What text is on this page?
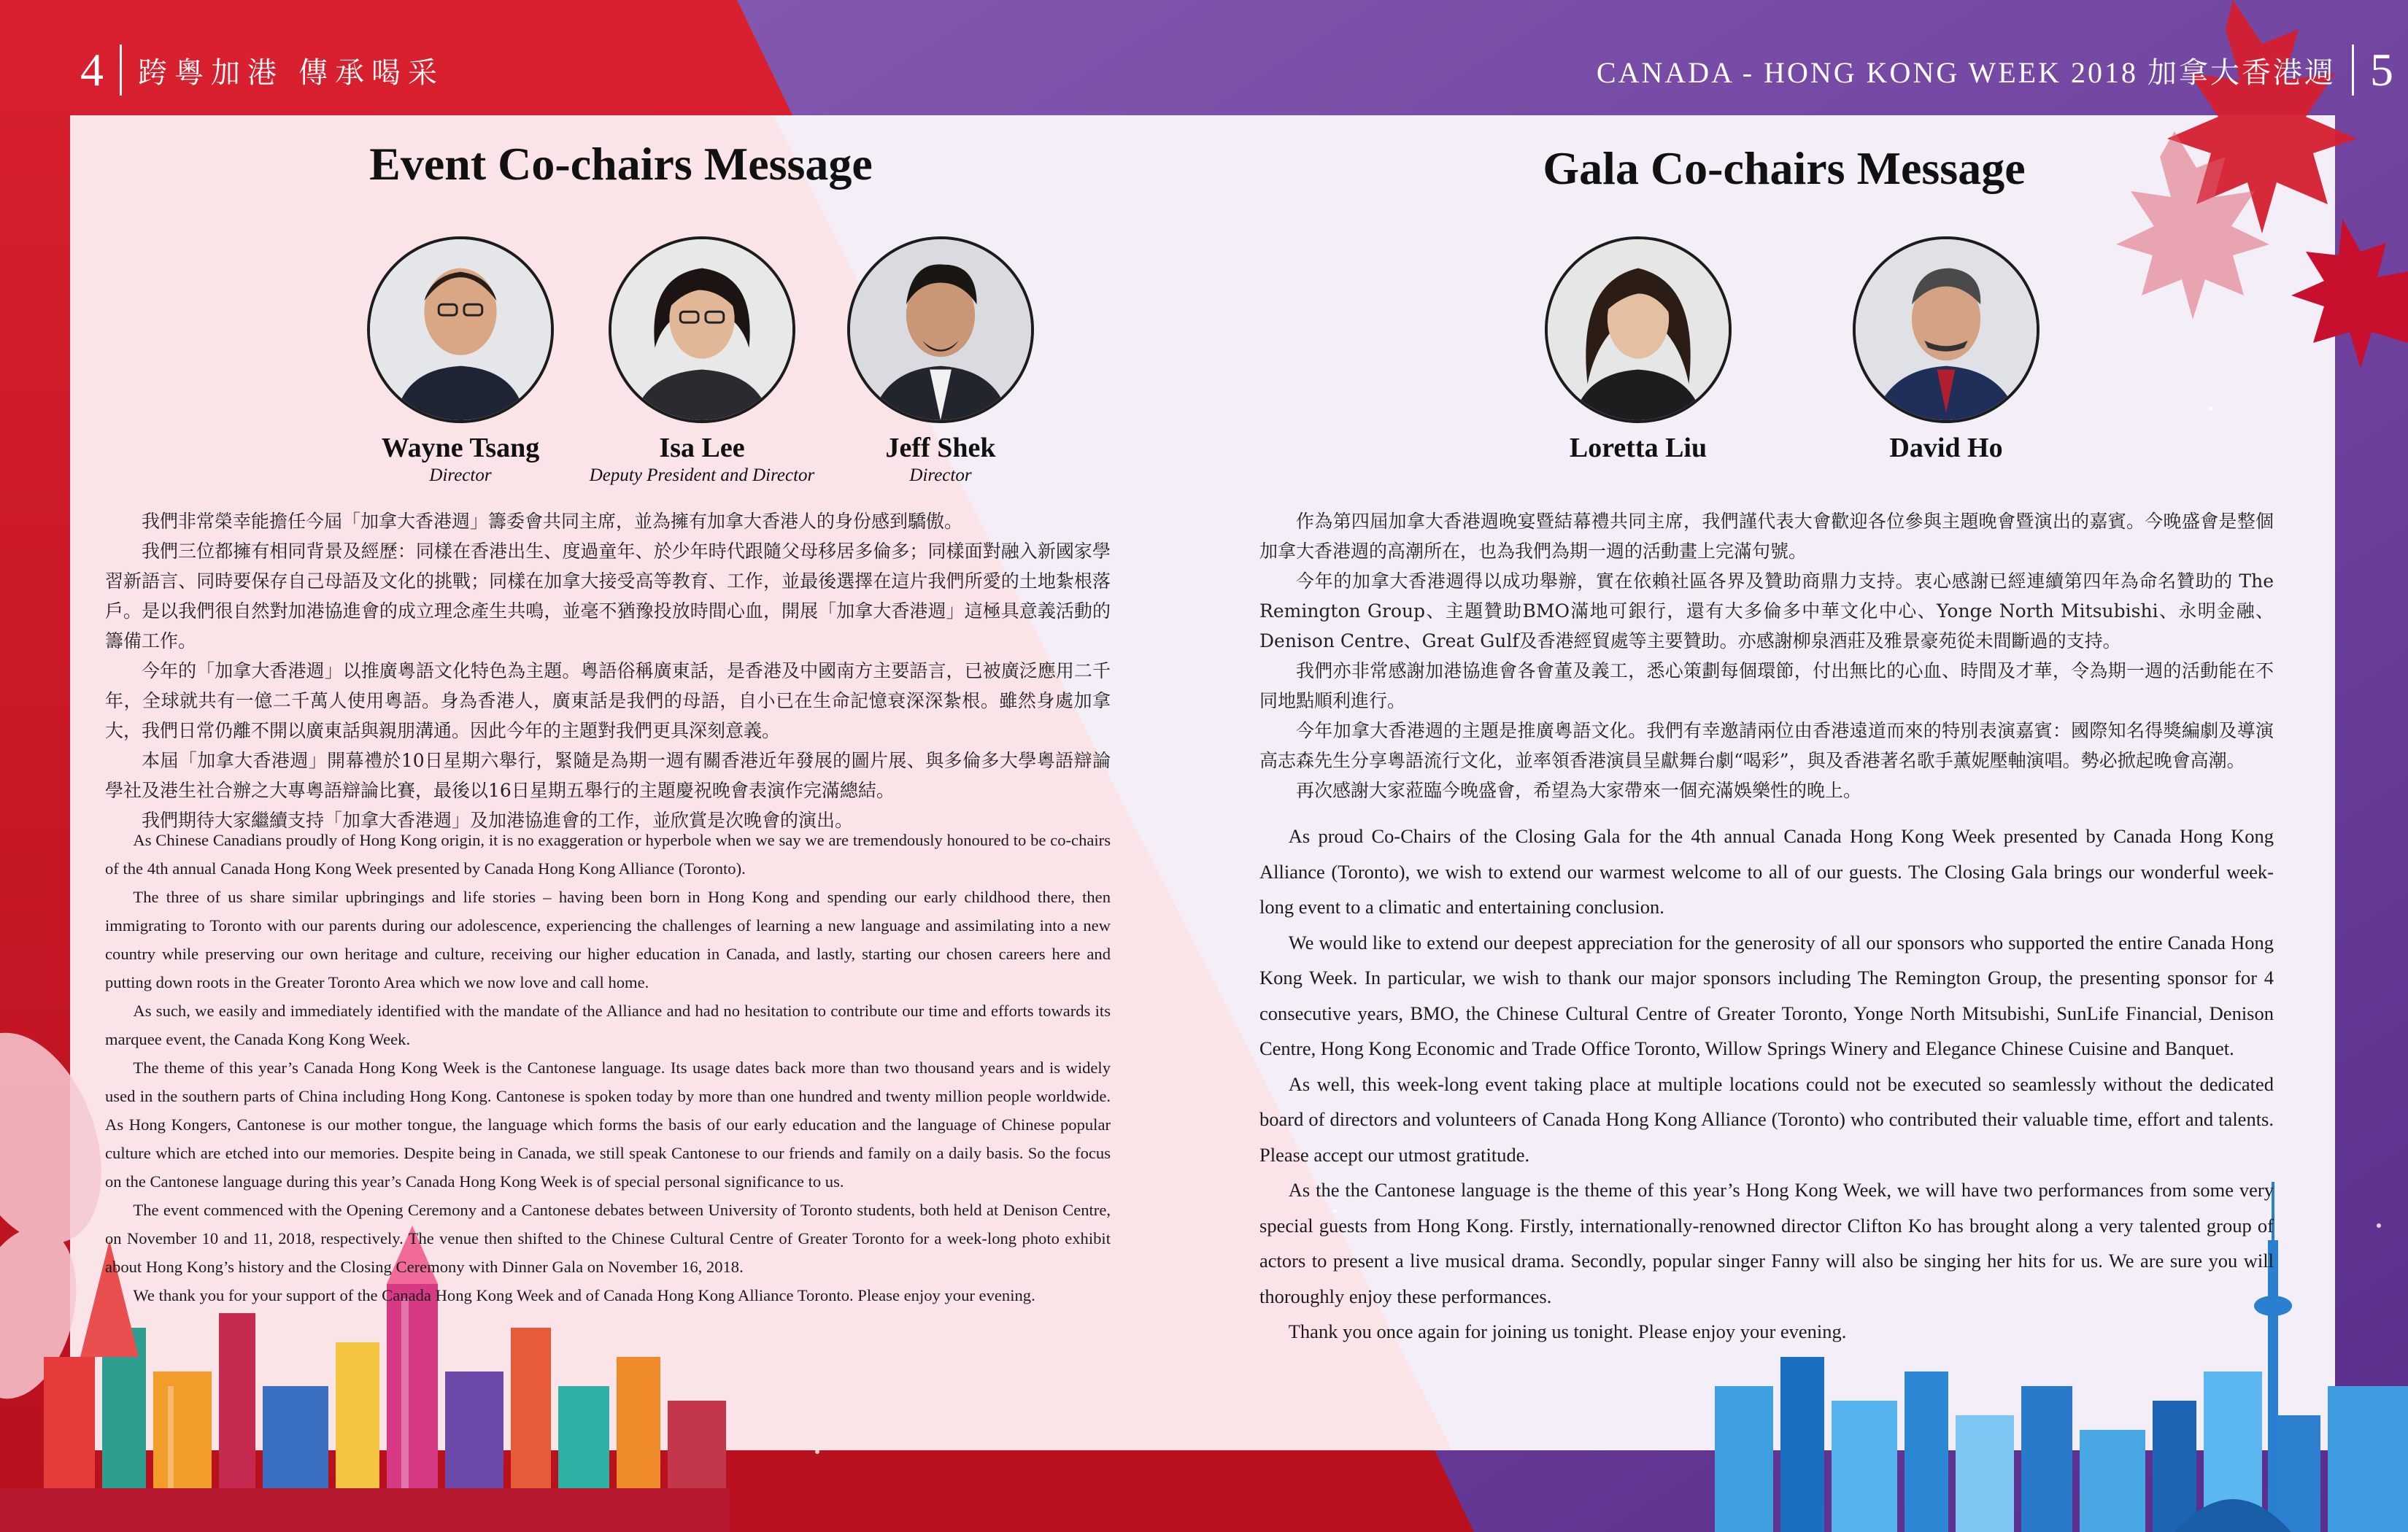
4 跨粵加港 傳承喝采	CANADA - HONG KONG WEEK 2018 加拿大香港週 5
Event Co-chairs Message
Wayne Tsang
Director
Isa Lee
Deputy President and Director
Jeff Shek
Director

我們非常榮幸能擔任今屆「加拿大香港週」籌委會共同主席，並為擁有加拿大香港人的身份感到驕傲。

我們三位都擁有相同背景及經歷：同樣在香港出生、度過童年、於少年時代跟隨父母移居多倫多；同樣面對融入新國家學習新語言、同時要保存自己母語及文化的挑戰；同樣在加拿大接受高等教育、工作，並最後選擇在這片我們所愛的土地紮根落戶。是以我們很自然對加港協進會的成立理念產生共鳴，並毫不猶豫投放時間心血，開展「加拿大香港週」這極具意義活動的籌備工作。

今年的「加拿大香港週」以推廣粵語文化特色為主題。粵語俗稱廣東話，是香港及中國南方主要語言，已被廣泛應用二千年，全球就共有一億二千萬人使用粵語。身為香港人，廣東話是我們的母語，自小已在生命記憶衰深深紮根。雖然身處加拿大，我們日常仍離不開以廣東話與親朋溝通。因此今年的主題對我們更具深刻意義。

本屆「加拿大香港週」開幕禮於10日星期六舉行，緊隨是為期一週有關香港近年發展的圖片展、與多倫多大學粵語辯論學社及港生社合辦之大專粵語辯論比賽，最後以16日星期五舉行的主題慶祝晚會表演作完滿總結。

我們期待大家繼續支持「加拿大香港週」及加港協進會的工作，並欣賞是次晚會的演出。

As Chinese Canadians proudly of Hong Kong origin, it is no exaggeration or hyperbole when we say we are tremendously honoured to be co-chairs of the 4th annual Canada Hong Kong Week presented by Canada Hong Kong Alliance (Toronto).

The three of us share similar upbringings and life stories – having been born in Hong Kong and spending our early childhood there, then immigrating to Toronto with our parents during our adolescence, experiencing the challenges of learning a new language and assimilating into a new country while preserving our own heritage and culture, receiving our higher education in Canada, and lastly, starting our chosen careers here and putting down roots in the Greater Toronto Area which we now love and call home.

As such, we easily and immediately identified with the mandate of the Alliance and had no hesitation to contribute our time and efforts towards its marquee event, the Canada Kong Kong Week.

The theme of this year’s Canada Hong Kong Week is the Cantonese language. Its usage dates back more than two thousand years and is widely used in the southern parts of China including Hong Kong. Cantonese is spoken today by more than one hundred and twenty million people worldwide. As Hong Kongers, Cantonese is our mother tongue, the language which forms the basis of our early education and the language of Chinese popular culture which are etched into our memories. Despite being in Canada, we still speak Cantonese to our friends and family on a daily basis. So the focus on the Cantonese language during this year’s Canada Hong Kong Week is of special personal significance to us.

The event commenced with the Opening Ceremony and a Cantonese debates between University of Toronto students, both held at Denison Centre, on November 10 and 11, 2018, respectively. The venue then shifted to the Chinese Cultural Centre of Greater Toronto for a week-long photo exhibit about Hong Kong’s history and the Closing Ceremony with Dinner Gala on November 16, 2018.

We thank you for your support of the Canada Hong Kong Week and of Canada Hong Kong Alliance Toronto. Please enjoy your evening.

Gala Co-chairs Message
Loretta Liu	David Ho

作為第四屆加拿大香港週晚宴暨結幕禮共同主席，我們謹代表大會歡迎各位參與主題晚會暨演出的嘉賓。今晚盛會是整個加拿大香港週的高潮所在，也為我們為期一週的活動畫上完滿句號。

今年的加拿大香港週得以成功舉辦，實在依賴社區各界及贊助商鼎力支持。衷心感謝已經連續第四年為命名贊助的 The Remington Group、主題贊助BMO滿地可銀行，還有大多倫多中華文化中心、Yonge North Mitsubishi、永明金融、Denison Centre、Great Gulf及香港經貿處等主要贊助。亦感謝柳泉酒莊及雅景豪苑從未間斷過的支持。

我們亦非常感謝加港協進會各會董及義工，悉心策劃每個環節，付出無比的心血、時間及才華，令為期一週的活動能在不同地點順利進行。

今年加拿大香港週的主題是推廣粵語文化。我們有幸邀請兩位由香港遠道而來的特別表演嘉賓：國際知名得獎編劇及導演高志森先生分享粵語流行文化，並率領香港演員呈獻舞台劇“喝彩”，與及香港著名歌手薰妮壓軸演唱。勢必掀起晚會高潮。

再次感謝大家蒞臨今晚盛會，希望為大家帶來一個充滿娛樂性的晚上。

As proud Co-Chairs of the Closing Gala for the 4th annual Canada Hong Kong Week presented by Canada Hong Kong Alliance (Toronto), we wish to extend our warmest welcome to all of our guests. The Closing Gala brings our wonderful week-long event to a climatic and entertaining conclusion.

We would like to extend our deepest appreciation for the generosity of all our sponsors who supported the entire Canada Hong Kong Week. In particular, we wish to thank our major sponsors including The Remington Group, the presenting sponsor for 4 consecutive years, BMO, the Chinese Cultural Centre of Greater Toronto, Yonge North Mitsubishi, SunLife Financial, Denison Centre, Hong Kong Economic and Trade Office Toronto, Willow Springs Winery and Elegance Chinese Cuisine and Banquet.

As well, this week-long event taking place at multiple locations could not be executed so seamlessly without the dedicated board of directors and volunteers of Canada Hong Kong Alliance (Toronto) who contributed their valuable time, effort and talents. Please accept our utmost gratitude.

As the the Cantonese language is the theme of this year’s Hong Kong Week, we will have two performances from some very special guests from Hong Kong. Firstly, internationally-renowned director Clifton Ko has brought along a very talented group of actors to present a live musical drama. Secondly, popular singer Fanny will also be singing her hits for us. We are sure you will thoroughly enjoy these performances.

Thank you once again for joining us tonight. Please enjoy your evening.
